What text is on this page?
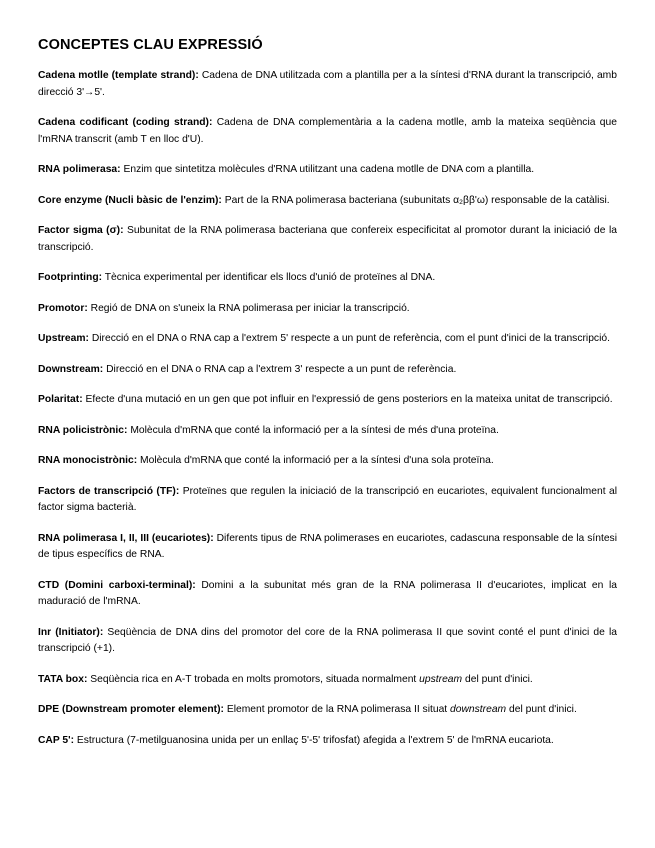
CONCEPTES CLAU EXPRESSIÓ

Cadena motlle (template strand): Cadena de DNA utilitzada com a plantilla per a la síntesi d'RNA durant la transcripció, amb direcció 3'→5'.

Cadena codificant (coding strand): Cadena de DNA complementària a la cadena motlle, amb la mateixa seqüència que l'mRNA transcrit (amb T en lloc d'U).

RNA polimerasa: Enzim que sintetitza molècules d'RNA utilitzant una cadena motlle de DNA com a plantilla.

Core enzyme (Nucli bàsic de l'enzim): Part de la RNA polimerasa bacteriana (subunitats α₂ββ'ω) responsable de la catàlisi.

Factor sigma (σ): Subunitat de la RNA polimerasa bacteriana que confereix especificitat al promotor durant la iniciació de la transcripció.

Footprinting: Tècnica experimental per identificar els llocs d'unió de proteïnes al DNA.

Promotor: Regió de DNA on s'uneix la RNA polimerasa per iniciar la transcripció.

Upstream: Direcció en el DNA o RNA cap a l'extrem 5' respecte a un punt de referència, com el punt d'inici de la transcripció.

Downstream: Direcció en el DNA o RNA cap a l'extrem 3' respecte a un punt de referència.

Polaritat: Efecte d'una mutació en un gen que pot influir en l'expressió de gens posteriors en la mateixa unitat de transcripció.

RNA policistrònic: Molècula d'mRNA que conté la informació per a la síntesi de més d'una proteïna.

RNA monocistrònic: Molècula d'mRNA que conté la informació per a la síntesi d'una sola proteïna.

Factors de transcripció (TF): Proteïnes que regulen la iniciació de la transcripció en eucariotes, equivalent funcionalment al factor sigma bacterià.

RNA polimerasa I, II, III (eucariotes): Diferents tipus de RNA polimerases en eucariotes, cadascuna responsable de la síntesi de tipus específics de RNA.

CTD (Domini carboxi-terminal): Domini a la subunitat més gran de la RNA polimerasa II d'eucariotes, implicat en la maduració de l'mRNA.

Inr (Initiator): Seqüència de DNA dins del promotor del core de la RNA polimerasa II que sovint conté el punt d'inici de la transcripció (+1).

TATA box: Seqüència rica en A-T trobada en molts promotors, situada normalment upstream del punt d'inici.

DPE (Downstream promoter element): Element promotor de la RNA polimerasa II situat downstream del punt d'inici.

CAP 5': Estructura (7-metilguanosina unida per un enllaç 5'-5' trifosfat) afegida a l'extrem 5' de l'mRNA eucariota.
